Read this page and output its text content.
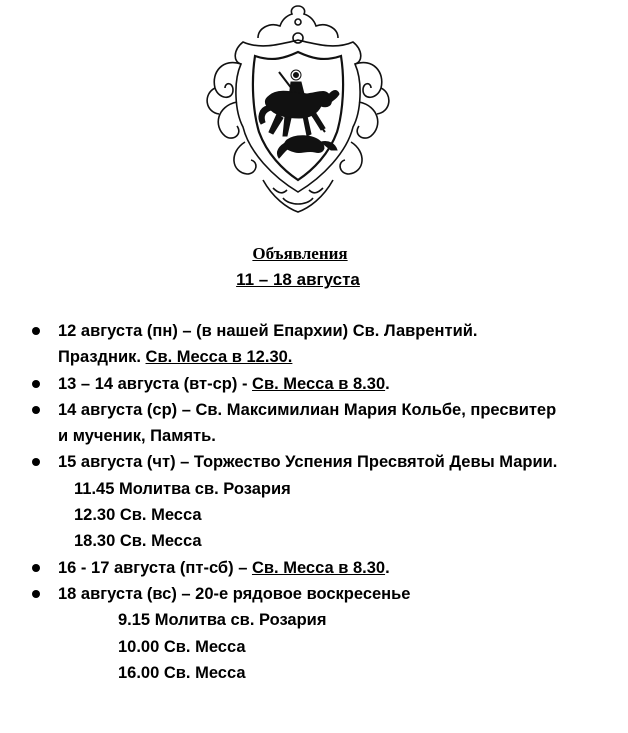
Объявления
11 – 18 августа
12 августа (пн) – (в нашей Епархии) Св. Лаврентий.
Праздник. Св. Месса в 12.30.
13 – 14 августа (вт-ср) - Св. Месса в 8.30.
14 августа (ср) – Св. Максимилиан Мария Кольбе, пресвитер
и мученик, Память.
15 августа (чт) – Торжество Успения Пресвятой Девы Марии.
11.45 Молитва св. Розария
12.30 Св. Месса
18.30 Св. Месса
16 - 17 августа (пт-сб) – Св. Месса в 8.30.
18 августа (вс) – 20-е рядовое воскресенье
9.15 Молитва св. Розария
10.00 Св. Месса
16.00 Св. Месса
